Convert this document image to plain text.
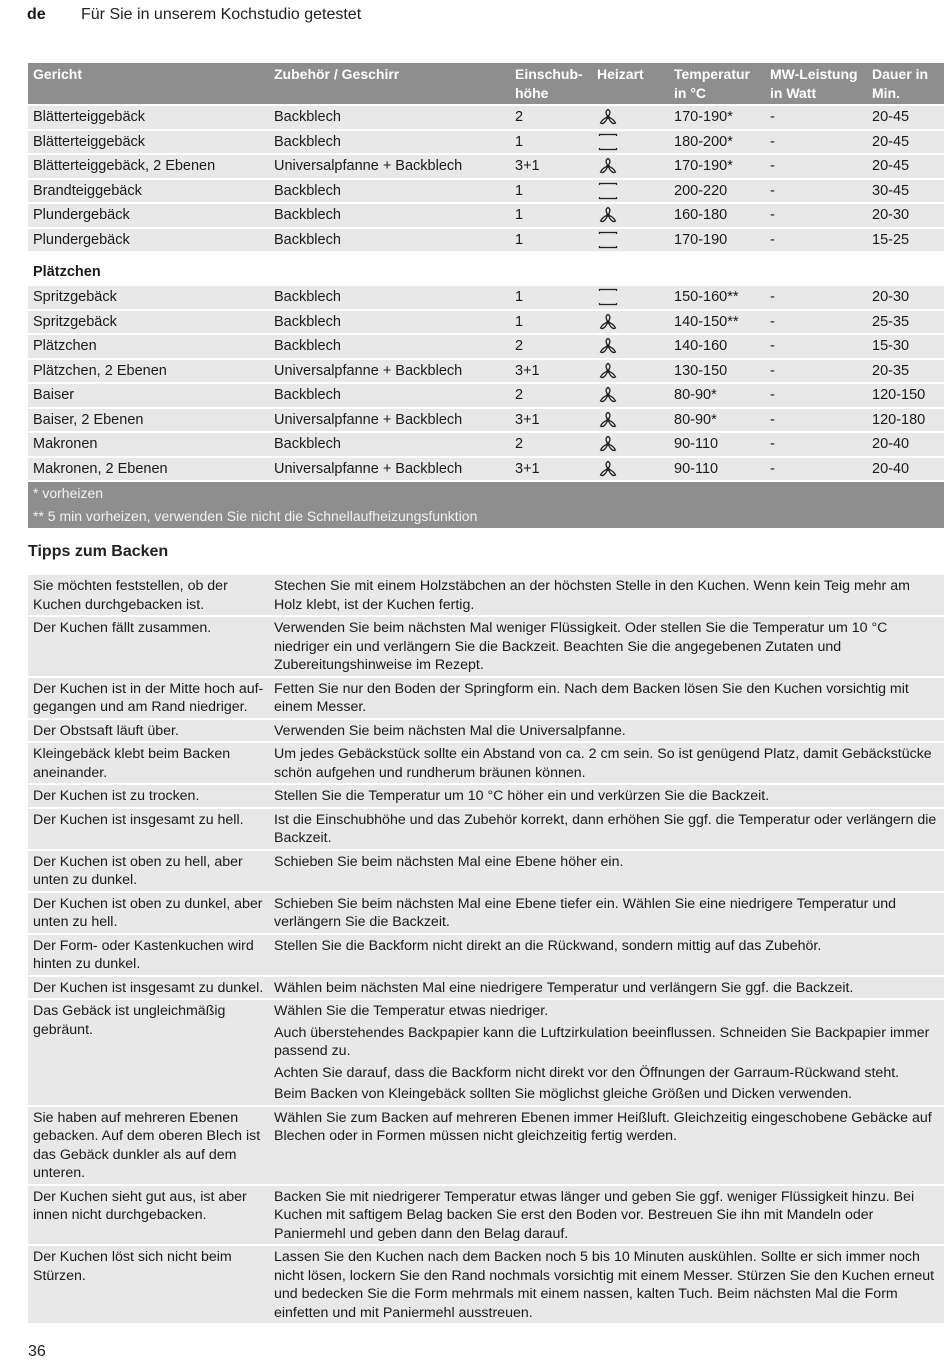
de	Für Sie in unserem Kochstudio getestet
Gericht	Zubehör / Geschirr	Einschub-höhe	Heizart	Temperatur in °C	MW-Leistung in Watt	Dauer in Min.
Blätterteiggebäck	Backblech	2		170-190*	-	20-45
Blätterteiggebäck	Backblech	1		180-200*	-	20-45
Blätterteiggebäck, 2 Ebenen	Universalpfanne + Backblech	3+1		170-190*	-	20-45
Brandteiggebäck	Backblech	1		200-220	-	30-45
Plundergebäck	Backblech	1		160-180	-	20-30
Plundergebäck	Backblech	1		170-190	-	15-25
Plätzchen						
Spritzgebäck	Backblech	1		150-160**	-	20-30
Spritzgebäck	Backblech	1		140-150**	-	25-35
Plätzchen	Backblech	2		140-160	-	15-30
Plätzchen, 2 Ebenen	Universalpfanne + Backblech	3+1		130-150	-	20-35
Baiser	Backblech	2		80-90*	-	120-150
Baiser, 2 Ebenen	Universalpfanne + Backblech	3+1		80-90*	-	120-180
Makronen	Backblech	2		90-110	-	20-40
Makronen, 2 Ebenen	Universalpfanne + Backblech	3+1		90-110	-	20-40
* vorheizen						
** 5 min vorheizen, verwenden Sie nicht die Schnellaufheizungsfunktion						
Tipps zum Backen
Sie möchten feststellen, ob der Kuchen durchgebacken ist.	Stechen Sie mit einem Holzstäbchen an der höchsten Stelle in den Kuchen. Wenn kein Teig mehr am Holz klebt, ist der Kuchen fertig.

Der Kuchen fällt zusammen.	Verwenden Sie beim nächsten Mal weniger Flüssigkeit. Oder stellen Sie die Temperatur um 10 °C niedriger ein und verlängern Sie die Backzeit. Beachten Sie die angegebenen Zutaten und Zubereitungshinweise im Rezept.

Der Kuchen ist in der Mitte hoch aufgegangen und am Rand niedriger.	Fetten Sie nur den Boden der Springform ein. Nach dem Backen lösen Sie den Kuchen vorsichtig mit einem Messer.

Der Obstsaft läuft über.	Verwenden Sie beim nächsten Mal die Universalpfanne.

Kleingebäck klebt beim Backen aneinander.	Um jedes Gebäckstück sollte ein Abstand von ca. 2 cm sein. So ist genügend Platz, damit Gebäckstücke schön aufgehen und rundherum bräunen können.

Der Kuchen ist zu trocken.	Stellen Sie die Temperatur um 10 °C höher ein und verkürzen Sie die Backzeit.

Der Kuchen ist insgesamt zu hell.	Ist die Einschubhöhe und das Zubehör korrekt, dann erhöhen Sie ggf. die Temperatur oder verlängern die Backzeit.

Der Kuchen ist oben zu hell, aber unten zu dunkel.	Schieben Sie beim nächsten Mal eine Ebene höher ein.

Der Kuchen ist oben zu dunkel, aber unten zu hell.	Schieben Sie beim nächsten Mal eine Ebene tiefer ein. Wählen Sie eine niedrigere Temperatur und verlängern Sie die Backzeit.

Der Form- oder Kastenkuchen wird hinten zu dunkel.	Stellen Sie die Backform nicht direkt an die Rückwand, sondern mittig auf das Zubehör.

Der Kuchen ist insgesamt zu dunkel.	Wählen beim nächsten Mal eine niedrigere Temperatur und verlängern Sie ggf. die Backzeit.

Das Gebäck ist ungleichmäßig gebräunt.	Wählen Sie die Temperatur etwas niedriger.

Auch überstehendes Backpapier kann die Luftzirkulation beeinflussen. Schneiden Sie Backpapier immer passend zu.

Achten Sie darauf, dass die Backform nicht direkt vor den Öffnungen der Garraum-Rückwand steht.

Beim Backen von Kleingebäck sollten Sie möglichst gleiche Größen und Dicken verwenden.

Sie haben auf mehreren Ebenen gebacken. Auf dem oberen Blech ist das Gebäck dunkler als auf dem unteren.	Wählen Sie zum Backen auf mehreren Ebenen immer Heißluft. Gleichzeitig eingeschobene Gebäcke auf Blechen oder in Formen müssen nicht gleichzeitig fertig werden.

Der Kuchen sieht gut aus, ist aber innen nicht durchgebacken.	Backen Sie mit niedrigerer Temperatur etwas länger und geben Sie ggf. weniger Flüssigkeit hinzu. Bei Kuchen mit saftigem Belag backen Sie erst den Boden vor. Bestreuen Sie ihn mit Mandeln oder Paniermehl und geben dann den Belag darauf.

Der Kuchen löst sich nicht beim Stürzen.	Lassen Sie den Kuchen nach dem Backen noch 5 bis 10 Minuten auskühlen. Sollte er sich immer noch nicht lösen, lockern Sie den Rand nochmals vorsichtig mit einem Messer. Stürzen Sie den Kuchen erneut und bedecken Sie die Form mehrmals mit einem nassen, kalten Tuch. Beim nächsten Mal die Form einfetten und mit Paniermehl ausstreuen.

36
